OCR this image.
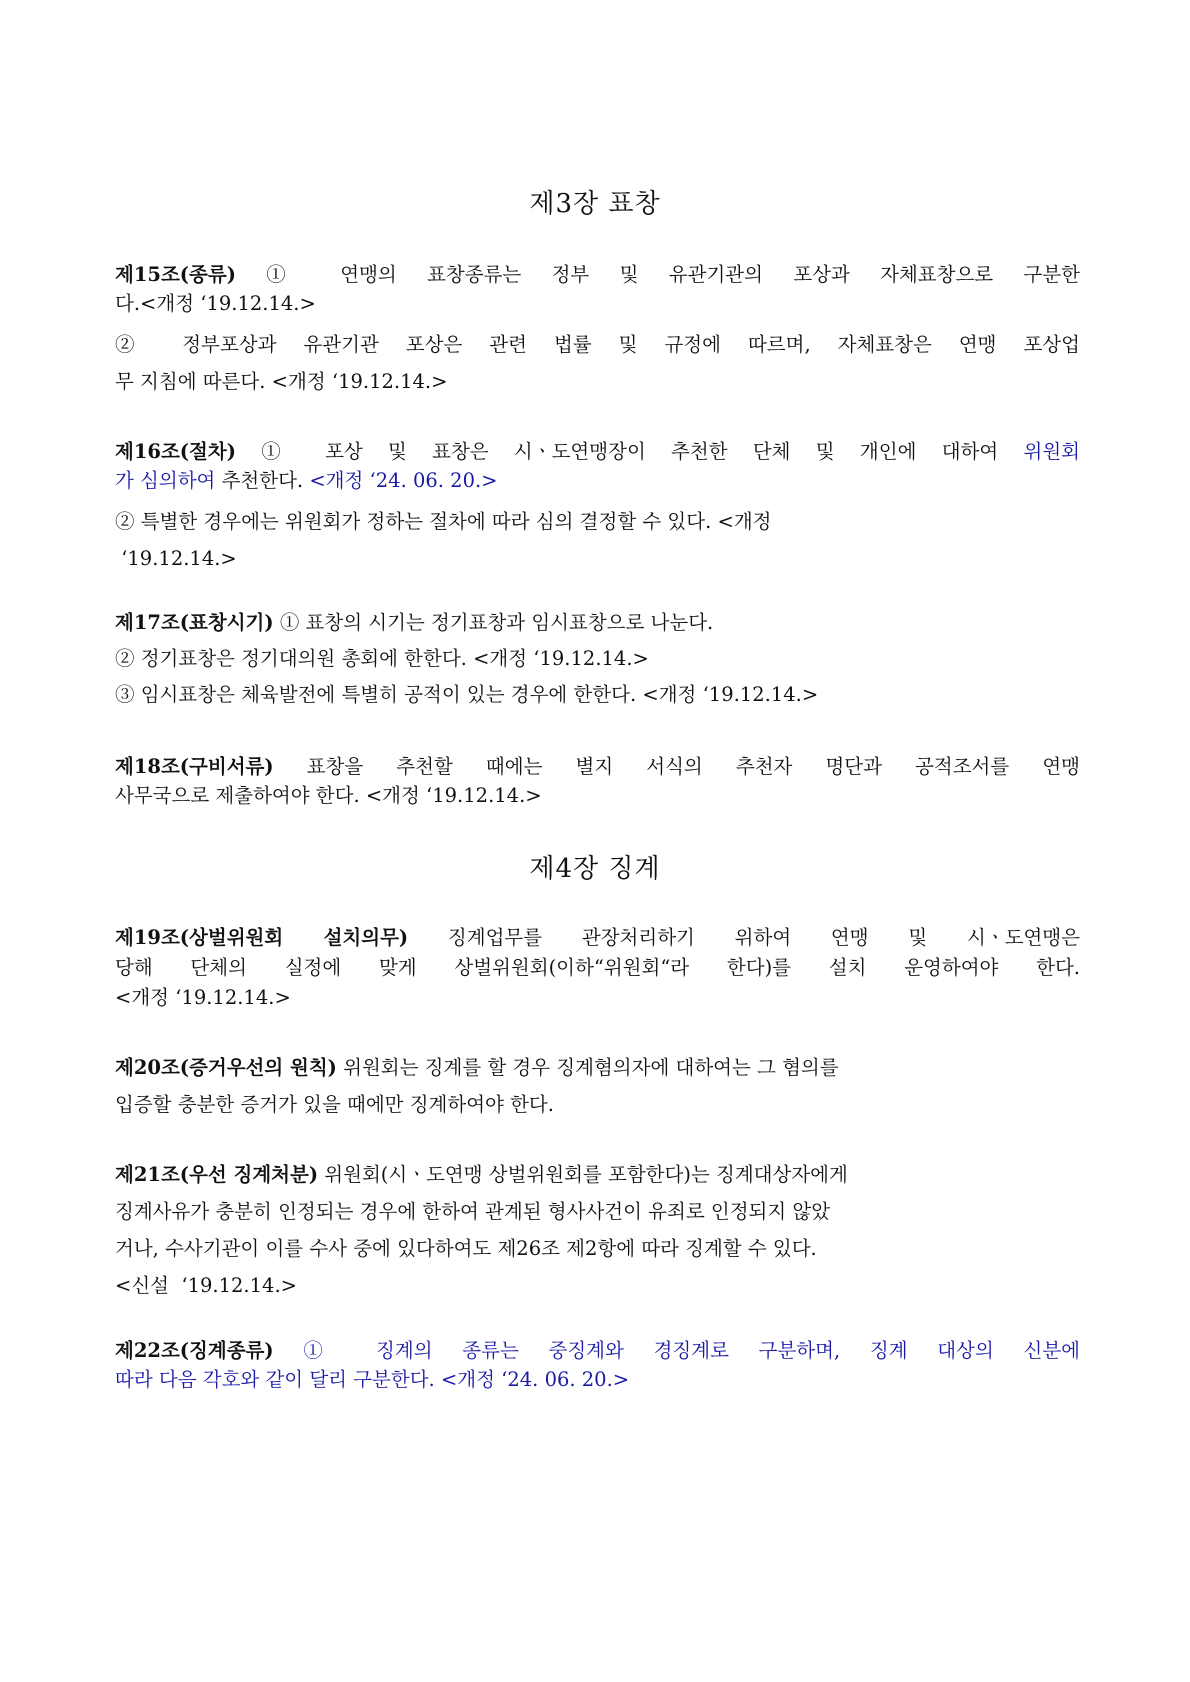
제3장 표창
제15조(종류) ① 연맹의 표창종류는 정부 및 유관기관의 포상과 자체표창으로 구분한
다.<개정 ‘19.12.14.>
② 정부포상과 유관기관 포상은 관련 법률 및 규정에 따르며, 자체표창은 연맹 포상업
무 지침에 따른다. <개정 ‘19.12.14.>
제16조(절차) ① 포상 및 표창은 시ㆍ도연맹장이 추천한 단체 및 개인에 대하여 위원회
가 심의하여 추천한다. <개정 ‘24. 06. 20.>
② 특별한 경우에는 위원회가 정하는 절차에 따라 심의 결정할 수 있다. <개정
‘19.12.14.>
제17조(표창시기) ① 표창의 시기는 정기표창과 임시표창으로 나눈다.
② 정기표창은 정기대의원 총회에 한한다. <개정 ‘19.12.14.>
③ 임시표창은 체육발전에 특별히 공적이 있는 경우에 한한다. <개정 ‘19.12.14.>
제18조(구비서류) 표창을 추천할 때에는 별지 서식의 추천자 명단과 공적조서를 연맹
사무국으로 제출하여야 한다. <개정 ‘19.12.14.>
제4장 징계
제19조(상벌위원회 설치의무) 징계업무를 관장처리하기 위하여 연맹 및 시ㆍ도연맹은
당해 단체의 실정에 맞게 상벌위원회(이하“위원회“라 한다)를 설치 운영하여야 한다.
<개정 ‘19.12.14.>
제20조(증거우선의 원칙) 위원회는 징계를 할 경우 징계혐의자에 대하여는 그 혐의를
입증할 충분한 증거가 있을 때에만 징계하여야 한다.
제21조(우선 징계처분) 위원회(시ㆍ도연맹 상벌위원회를 포함한다)는 징계대상자에게
징계사유가 충분히 인정되는 경우에 한하여 관계된 형사사건이 유죄로 인정되지 않았
거나, 수사기관이 이를 수사 중에 있다하여도 제26조 제2항에 따라 징계할 수 있다.
<신설  ‘19.12.14.>
제22조(징계종류) ① 징계의 종류는 중징계와 경징계로 구분하며, 징계 대상의 신분에
따라 다음 각호와 같이 달리 구분한다. <개정 ‘24. 06. 20.>
